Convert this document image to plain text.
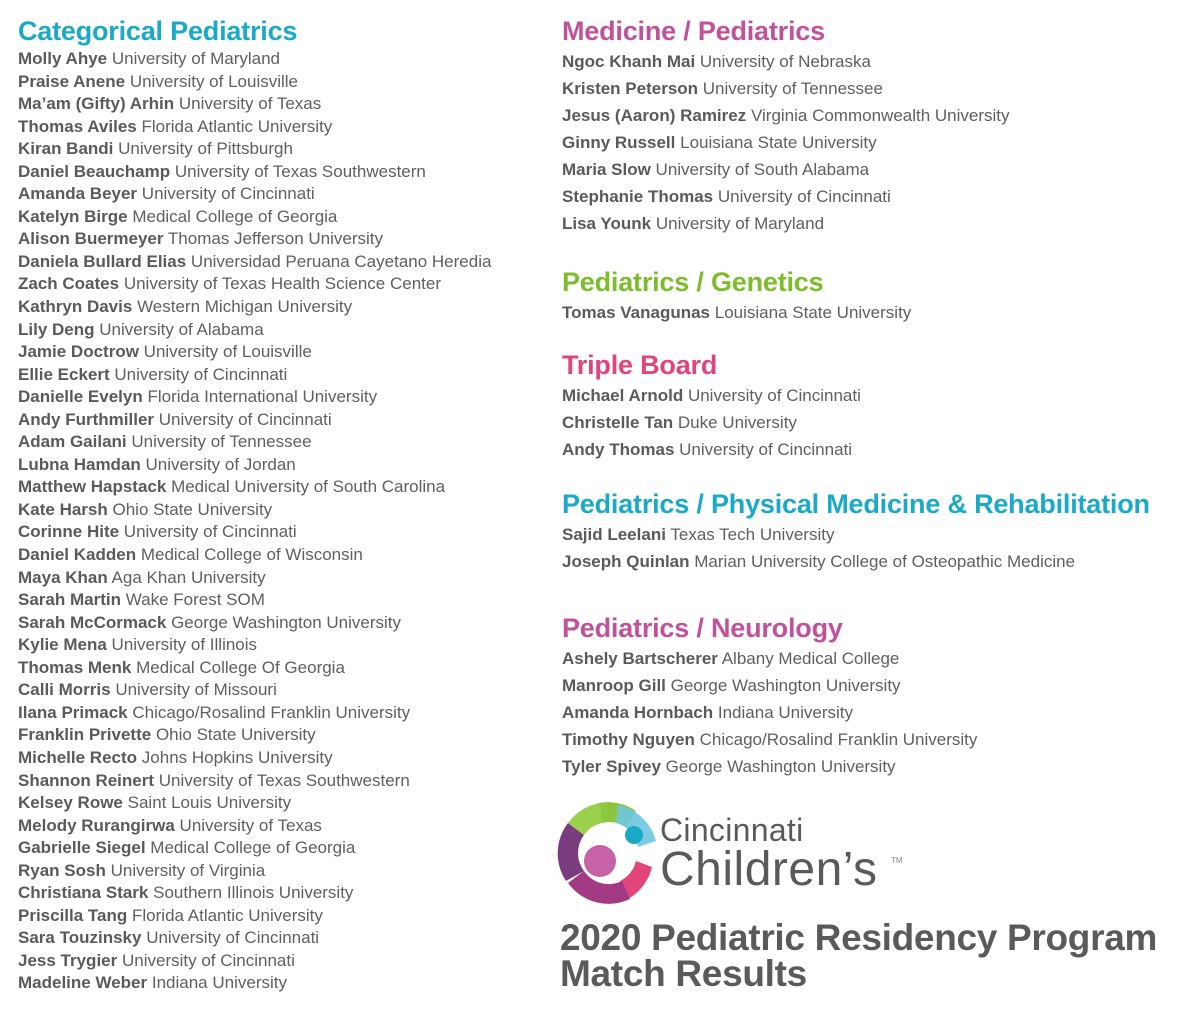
Categorical Pediatrics
Molly Ahye University of Maryland
Praise Anene University of Louisville
Ma’am (Gifty) Arhin University of Texas
Thomas Aviles Florida Atlantic University
Kiran Bandi University of Pittsburgh
Daniel Beauchamp University of Texas Southwestern
Amanda Beyer University of Cincinnati
Katelyn Birge Medical College of Georgia
Alison Buermeyer Thomas Jefferson University
Daniela Bullard Elias Universidad Peruana Cayetano Heredia
Zach Coates University of Texas Health Science Center
Kathryn Davis Western Michigan University
Lily Deng University of Alabama
Jamie Doctrow University of Louisville
Ellie Eckert University of Cincinnati
Danielle Evelyn Florida International University
Andy Furthmiller University of Cincinnati
Adam Gailani University of Tennessee
Lubna Hamdan University of Jordan
Matthew Hapstack Medical University of South Carolina
Kate Harsh Ohio State University
Corinne Hite University of Cincinnati
Daniel Kadden Medical College of Wisconsin
Maya Khan Aga Khan University
Sarah Martin Wake Forest SOM
Sarah McCormack George Washington University
Kylie Mena University of Illinois
Thomas Menk Medical College Of Georgia
Calli Morris University of Missouri
Ilana Primack Chicago/Rosalind Franklin University
Franklin Privette Ohio State University
Michelle Recto Johns Hopkins University
Shannon Reinert University of Texas Southwestern
Kelsey Rowe Saint Louis University
Melody Rurangirwa University of Texas
Gabrielle Siegel Medical College of Georgia
Ryan Sosh University of Virginia
Christiana Stark Southern Illinois University
Priscilla Tang Florida Atlantic University
Sara Touzinsky University of Cincinnati
Jess Trygier University of Cincinnati
Madeline Weber Indiana University
Medicine / Pediatrics
Ngoc Khanh Mai University of Nebraska
Kristen Peterson University of Tennessee
Jesus (Aaron) Ramirez Virginia Commonwealth University
Ginny Russell Louisiana State University
Maria Slow University of South Alabama
Stephanie Thomas University of Cincinnati
Lisa Younk University of Maryland
Pediatrics / Genetics
Tomas Vanagunas Louisiana State University
Triple Board
Michael Arnold University of Cincinnati
Christelle Tan Duke University
Andy Thomas University of Cincinnati
Pediatrics / Physical Medicine & Rehabilitation
Sajid Leelani Texas Tech University
Joseph Quinlan Marian University College of Osteopathic Medicine
Pediatrics / Neurology
Ashely Bartscherer Albany Medical College
Manroop Gill George Washington University
Amanda Hornbach Indiana University
Timothy Nguyen Chicago/Rosalind Franklin University
Tyler Spivey George Washington University
Cincinnati
Children’s TM
2020 Pediatric Residency Program
Match Results
